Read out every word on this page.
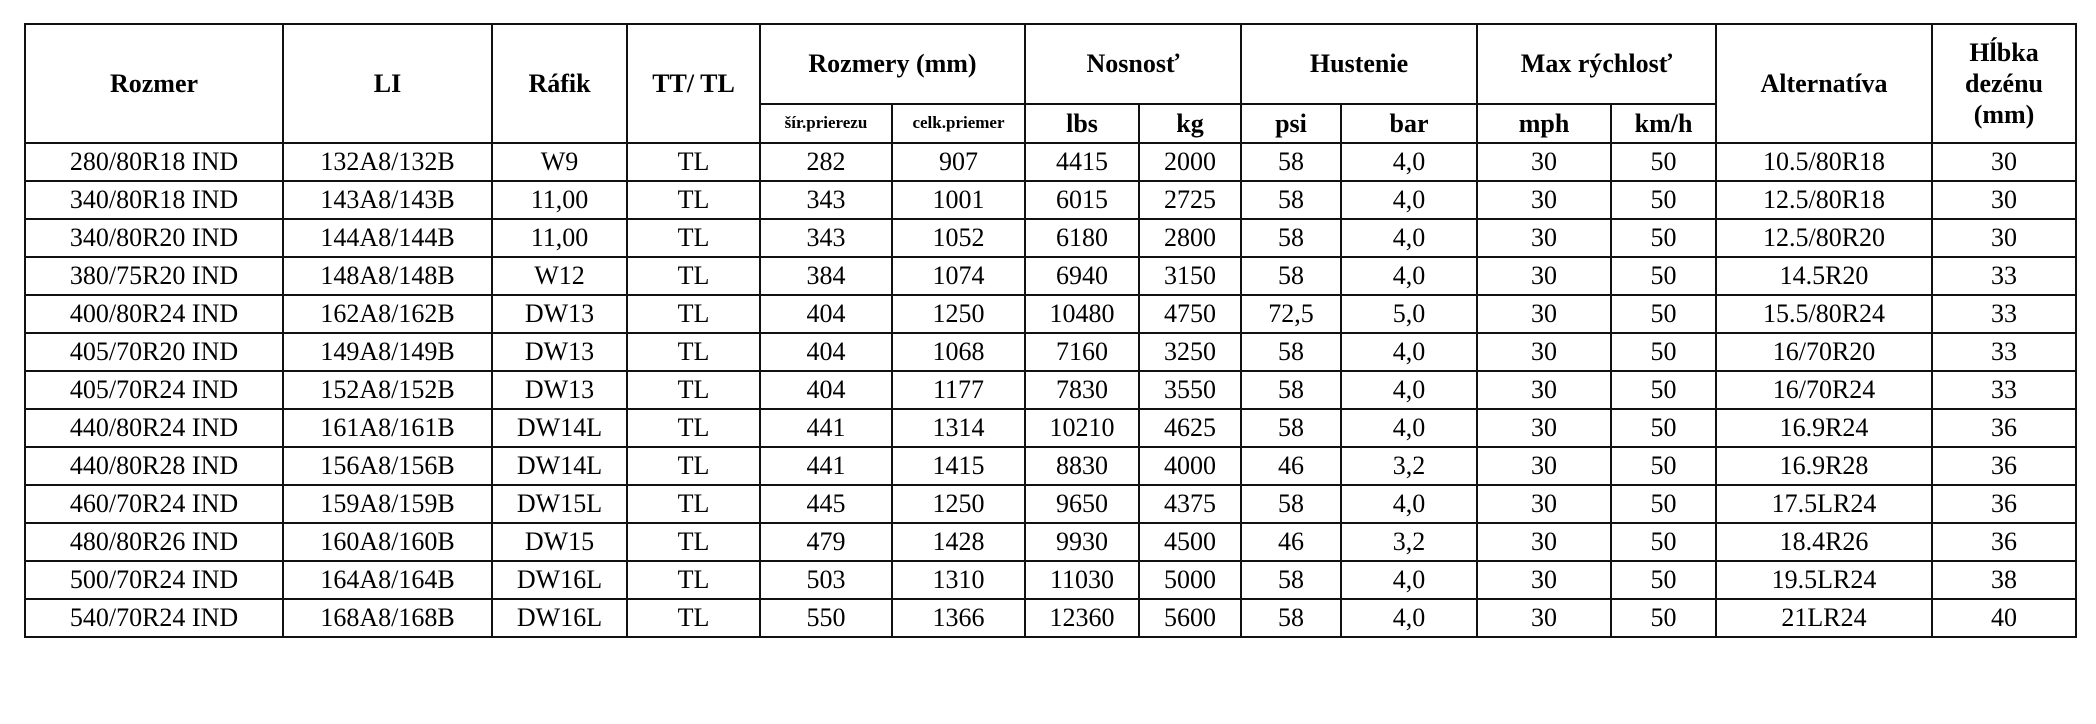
Rozmer	LI	Ráfik	TT/ TL	Rozmery (mm)		Nosnosť		Hustenie		Max rýchlosť		Alternatíva	Hĺbka
dezénu
(mm)
				šír.prierezu	celk.priemer	lbs	kg	psi	bar	mph	km/h		
280/80R18 IND	132A8/132B	W9	TL	282	907	4415	2000	58	4,0	30	50	10.5/80R18	30
340/80R18 IND	143A8/143B	11,00	TL	343	1001	6015	2725	58	4,0	30	50	12.5/80R18	30
340/80R20 IND	144A8/144B	11,00	TL	343	1052	6180	2800	58	4,0	30	50	12.5/80R20	30
380/75R20 IND	148A8/148B	W12	TL	384	1074	6940	3150	58	4,0	30	50	14.5R20	33
400/80R24 IND	162A8/162B	DW13	TL	404	1250	10480	4750	72,5	5,0	30	50	15.5/80R24	33
405/70R20 IND	149A8/149B	DW13	TL	404	1068	7160	3250	58	4,0	30	50	16/70R20	33
405/70R24 IND	152A8/152B	DW13	TL	404	1177	7830	3550	58	4,0	30	50	16/70R24	33
440/80R24 IND	161A8/161B	DW14L	TL	441	1314	10210	4625	58	4,0	30	50	16.9R24	36
440/80R28 IND	156A8/156B	DW14L	TL	441	1415	8830	4000	46	3,2	30	50	16.9R28	36
460/70R24 IND	159A8/159B	DW15L	TL	445	1250	9650	4375	58	4,0	30	50	17.5LR24	36
480/80R26 IND	160A8/160B	DW15	TL	479	1428	9930	4500	46	3,2	30	50	18.4R26	36
500/70R24 IND	164A8/164B	DW16L	TL	503	1310	11030	5000	58	4,0	30	50	19.5LR24	38
540/70R24 IND	168A8/168B	DW16L	TL	550	1366	12360	5600	58	4,0	30	50	21LR24	40
